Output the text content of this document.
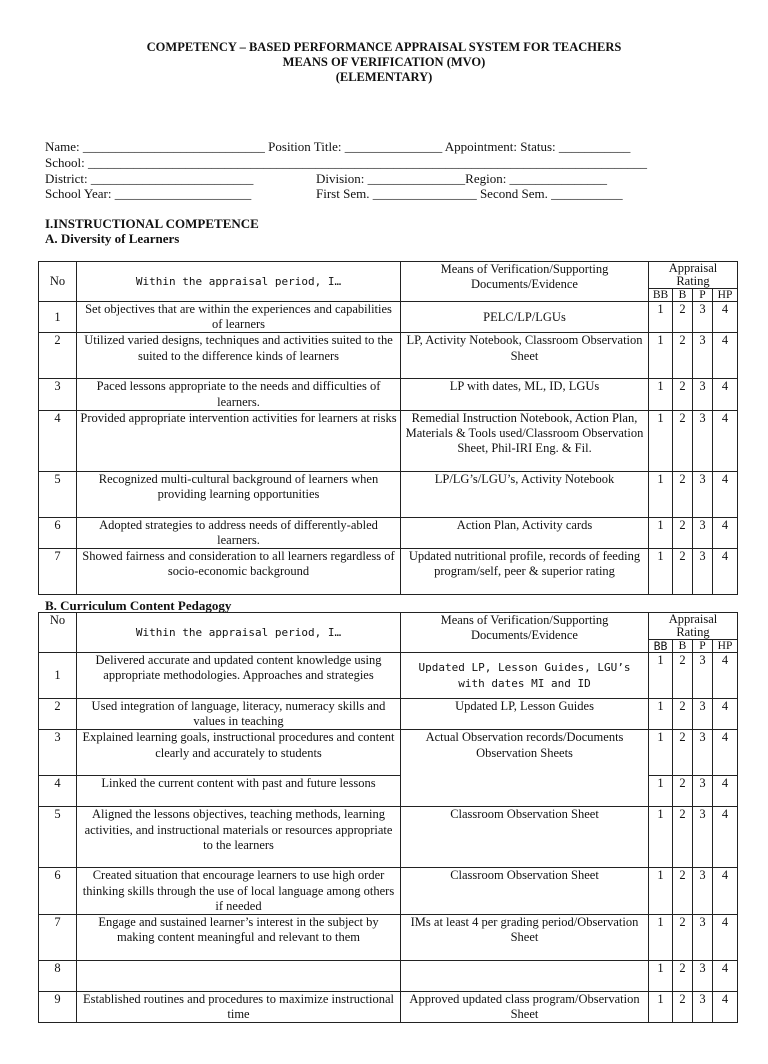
COMPETENCY – BASED PERFORMANCE APPRAISAL SYSTEM FOR TEACHERS
MEANS OF VERIFICATION (MVO)
(ELEMENTARY)
Name: ____________________________ Position Title: _______________ Appointment: Status: ___________
School: ______________________________________________________________________________________
District: _________________________	Division: _______________Region: _______________
School Year: _____________________	First Sem. ________________ Second Sem. ___________
I.INSTRUCTIONAL COMPETENCE
A. Diversity of Learners
No	Within the appraisal period, I…	Means of Verification/Supporting Documents/Evidence	Appraisal Rating			
			BB	B	P	HP
1	Set objectives that are within the experiences and capabilities of learners	PELC/LP/LGUs	1	2	3	4
2	Utilized varied designs, techniques and activities suited to the suited to the difference kinds of learners	LP, Activity Notebook, Classroom Observation Sheet	1	2	3	4
3	Paced lessons appropriate to the needs and difficulties of learners.	LP with dates, ML, ID, LGUs	1	2	3	4
4	Provided appropriate intervention activities for learners at risks	Remedial Instruction Notebook, Action Plan, Materials & Tools used/Classroom Observation Sheet, Phil-IRI Eng. & Fil.	1	2	3	4
5	Recognized multi-cultural background of learners when providing learning opportunities	LP/LG’s/LGU’s, Activity Notebook	1	2	3	4
6	Adopted strategies to address needs of differently-abled learners.	Action Plan, Activity cards	1	2	3	4
7	Showed fairness and consideration to all learners regardless of socio-economic background	Updated nutritional profile, records of feeding program/self, peer & superior rating	1	2	3	4
B. Curriculum Content Pedagogy
No	Within the appraisal period, I…	Means of Verification/Supporting Documents/Evidence	Appraisal Rating			
			BB	B	P	HP
1	Delivered accurate and updated content knowledge using appropriate methodologies. Approaches and strategies	Updated LP, Lesson Guides, LGU’s with dates MI and ID	1	2	3	4
2	Used integration of language, literacy, numeracy skills and values in teaching	Updated LP, Lesson Guides	1	2	3	4
3	Explained learning goals, instructional procedures and content clearly and accurately to students	Actual Observation records/Documents Observation Sheets	1	2	3	4
4	Linked the current content with past and future lessons		1	2	3	4
5	Aligned the lessons objectives, teaching methods, learning activities, and instructional materials or resources appropriate to the learners	Classroom Observation Sheet	1	2	3	4
6	Created situation that encourage learners to use high order thinking skills through the use of local language among others if needed	Classroom Observation Sheet	1	2	3	4
7	Engage and sustained learner’s interest in the subject by making content meaningful and relevant to them	IMs at least 4 per grading period/Observation Sheet	1	2	3	4
8			1	2	3	4
9	Established routines and procedures to maximize instructional time	Approved updated class program/Observation Sheet	1	2	3	4
